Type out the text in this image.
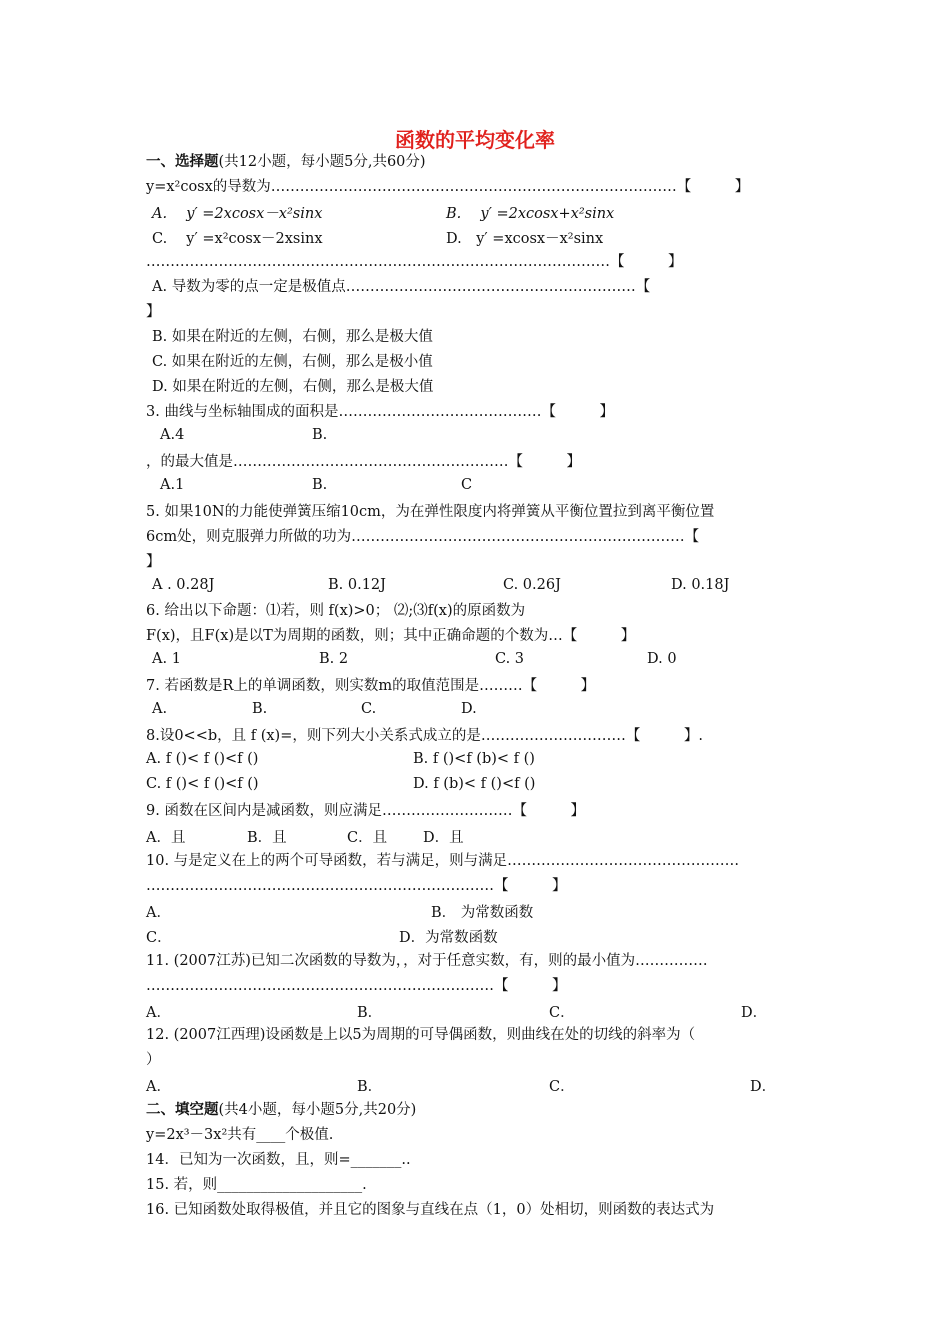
函数的平均变化率
一、选择题(共12小题，每小题5分,共60分)
y=x²cosx的导数为…………………………………………………………………………【　　　】
A.　 y′ =2xcosx－x²sinx	B.　 y′ =2xcosx+x²sinx
C.　 y′ =x²cosx－2xsinx	D.　y′ =xcosx－x²sinx
……………………………………………………………………………………【　　　】
A. 导数为零的点一定是极值点……………………………………………………【
】
B. 如果在附近的左侧，右侧，那么是极大值
C. 如果在附近的左侧，右侧，那么是极小值
D. 如果在附近的左侧，右侧，那么是极大值
3. 曲线与坐标轴围成的面积是……………………………………【　　　】
A.4	B.
，的最大值是…………………………………………………【　　　】
A.1	B.	C
5. 如果10N的力能使弹簧压缩10cm，为在弹性限度内将弹簧从平衡位置拉到离平衡位置
6cm处，则克服弹力所做的功为……………………………………………………………【
】
A . 0.28J	B. 0.12J	C. 0.26J	D. 0.18J
6. 给出以下命题：⑴若，则 f(x)>0； ⑵;⑶f(x)的原函数为
F(x)，且F(x)是以T为周期的函数，则；其中正确命题的个数为…【　　　】
A. 1	B. 2	C. 3	D. 0
7. 若函数是R上的单调函数，则实数m的取值范围是………【　　　】
A.	B.	C.	D.
8.设0<<b，且 f (x)=，则下列大小关系式成立的是…………………………【　　　】.
A. f ()< f ()<f ()	B. f ()<f (b)< f ()
C. f ()< f ()<f ()	D. f (b)< f ()<f ()
9. 函数在区间内是减函数，则应满足………………………【　　　】
A．且	B．且	C．且 D．且
10. 与是定义在上的两个可导函数，若与满足，则与满足…………………………………………
………………………………………………………………【　　　】
A．	B． 为常数函数
C．	D．为常数函数
11. (2007江苏)已知二次函数的导数为，，对于任意实数，有，则的最小值为……………
………………………………………………………………【　　　】
A．	B．	C．	D．
12. (2007江西理)设函数是上以5为周期的可导偶函数，则曲线在处的切线的斜率为（
）
A．	B．	C．	D．
二、填空题(共4小题，每小题5分,共20分)
y=2x³－3x²共有____个极值.
14．已知为一次函数，且，则=_______..
15. 若，则____________________.
16. 已知函数处取得极值，并且它的图象与直线在点（1，0）处相切，则函数的表达式为
